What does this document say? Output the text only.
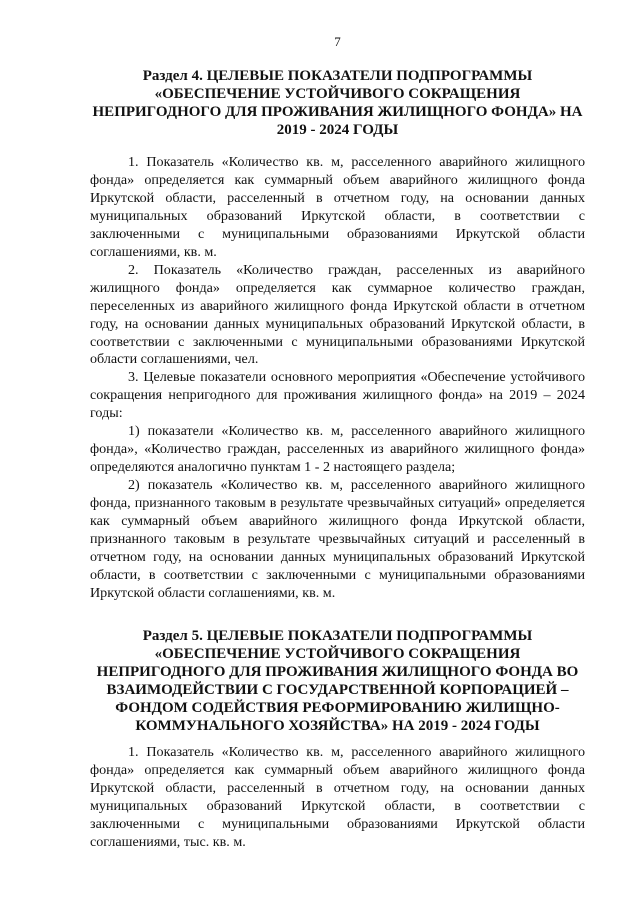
7
Раздел 4. ЦЕЛЕВЫЕ ПОКАЗАТЕЛИ ПОДПРОГРАММЫ
«ОБЕСПЕЧЕНИЕ УСТОЙЧИВОГО СОКРАЩЕНИЯ
НЕПРИГОДНОГО ДЛЯ ПРОЖИВАНИЯ ЖИЛИЩНОГО ФОНДА» НА
2019 - 2024 ГОДЫ

1. Показатель «Количество кв. м, расселенного аварийного жилищного фонда» определяется как суммарный объем аварийного жилищного фонда Иркутской области, расселенный в отчетном году, на основании данных муниципальных образований Иркутской области, в соответствии с заключенными с муниципальными образованиями Иркутской области соглашениями, кв. м.

2. Показатель «Количество граждан, расселенных из аварийного жилищного фонда» определяется как суммарное количество граждан, переселенных из аварийного жилищного фонда Иркутской области в отчетном году, на основании данных муниципальных образований Иркутской области, в соответствии с заключенными с муниципальными образованиями Иркутской области соглашениями, чел.

3. Целевые показатели основного мероприятия «Обеспечение устойчивого сокращения непригодного для проживания жилищного фонда» на 2019 – 2024 годы:

1) показатели «Количество кв. м, расселенного аварийного жилищного фонда», «Количество граждан, расселенных из аварийного жилищного фонда» определяются аналогично пунктам 1 - 2 настоящего раздела;

2) показатель «Количество кв. м, расселенного аварийного жилищного фонда, признанного таковым в результате чрезвычайных ситуаций» определяется как суммарный объем аварийного жилищного фонда Иркутской области, признанного таковым в результате чрезвычайных ситуаций и расселенный в отчетном году, на основании данных муниципальных образований Иркутской области, в соответствии с заключенными с муниципальными образованиями Иркутской области соглашениями, кв. м.

Раздел 5. ЦЕЛЕВЫЕ ПОКАЗАТЕЛИ ПОДПРОГРАММЫ
«ОБЕСПЕЧЕНИЕ УСТОЙЧИВОГО СОКРАЩЕНИЯ
НЕПРИГОДНОГО ДЛЯ ПРОЖИВАНИЯ ЖИЛИЩНОГО ФОНДА ВО
ВЗАИМОДЕЙСТВИИ С ГОСУДАРСТВЕННОЙ КОРПОРАЦИЕЙ –
ФОНДОМ СОДЕЙСТВИЯ РЕФОРМИРОВАНИЮ ЖИЛИЩНО-
КОММУНАЛЬНОГО ХОЗЯЙСТВА» НА 2019 - 2024 ГОДЫ

1. Показатель «Количество кв. м, расселенного аварийного жилищного фонда» определяется как суммарный объем аварийного жилищного фонда Иркутской области, расселенный в отчетном году, на основании данных муниципальных образований Иркутской области, в соответствии с заключенными с муниципальными образованиями Иркутской области соглашениями, тыс. кв. м.
